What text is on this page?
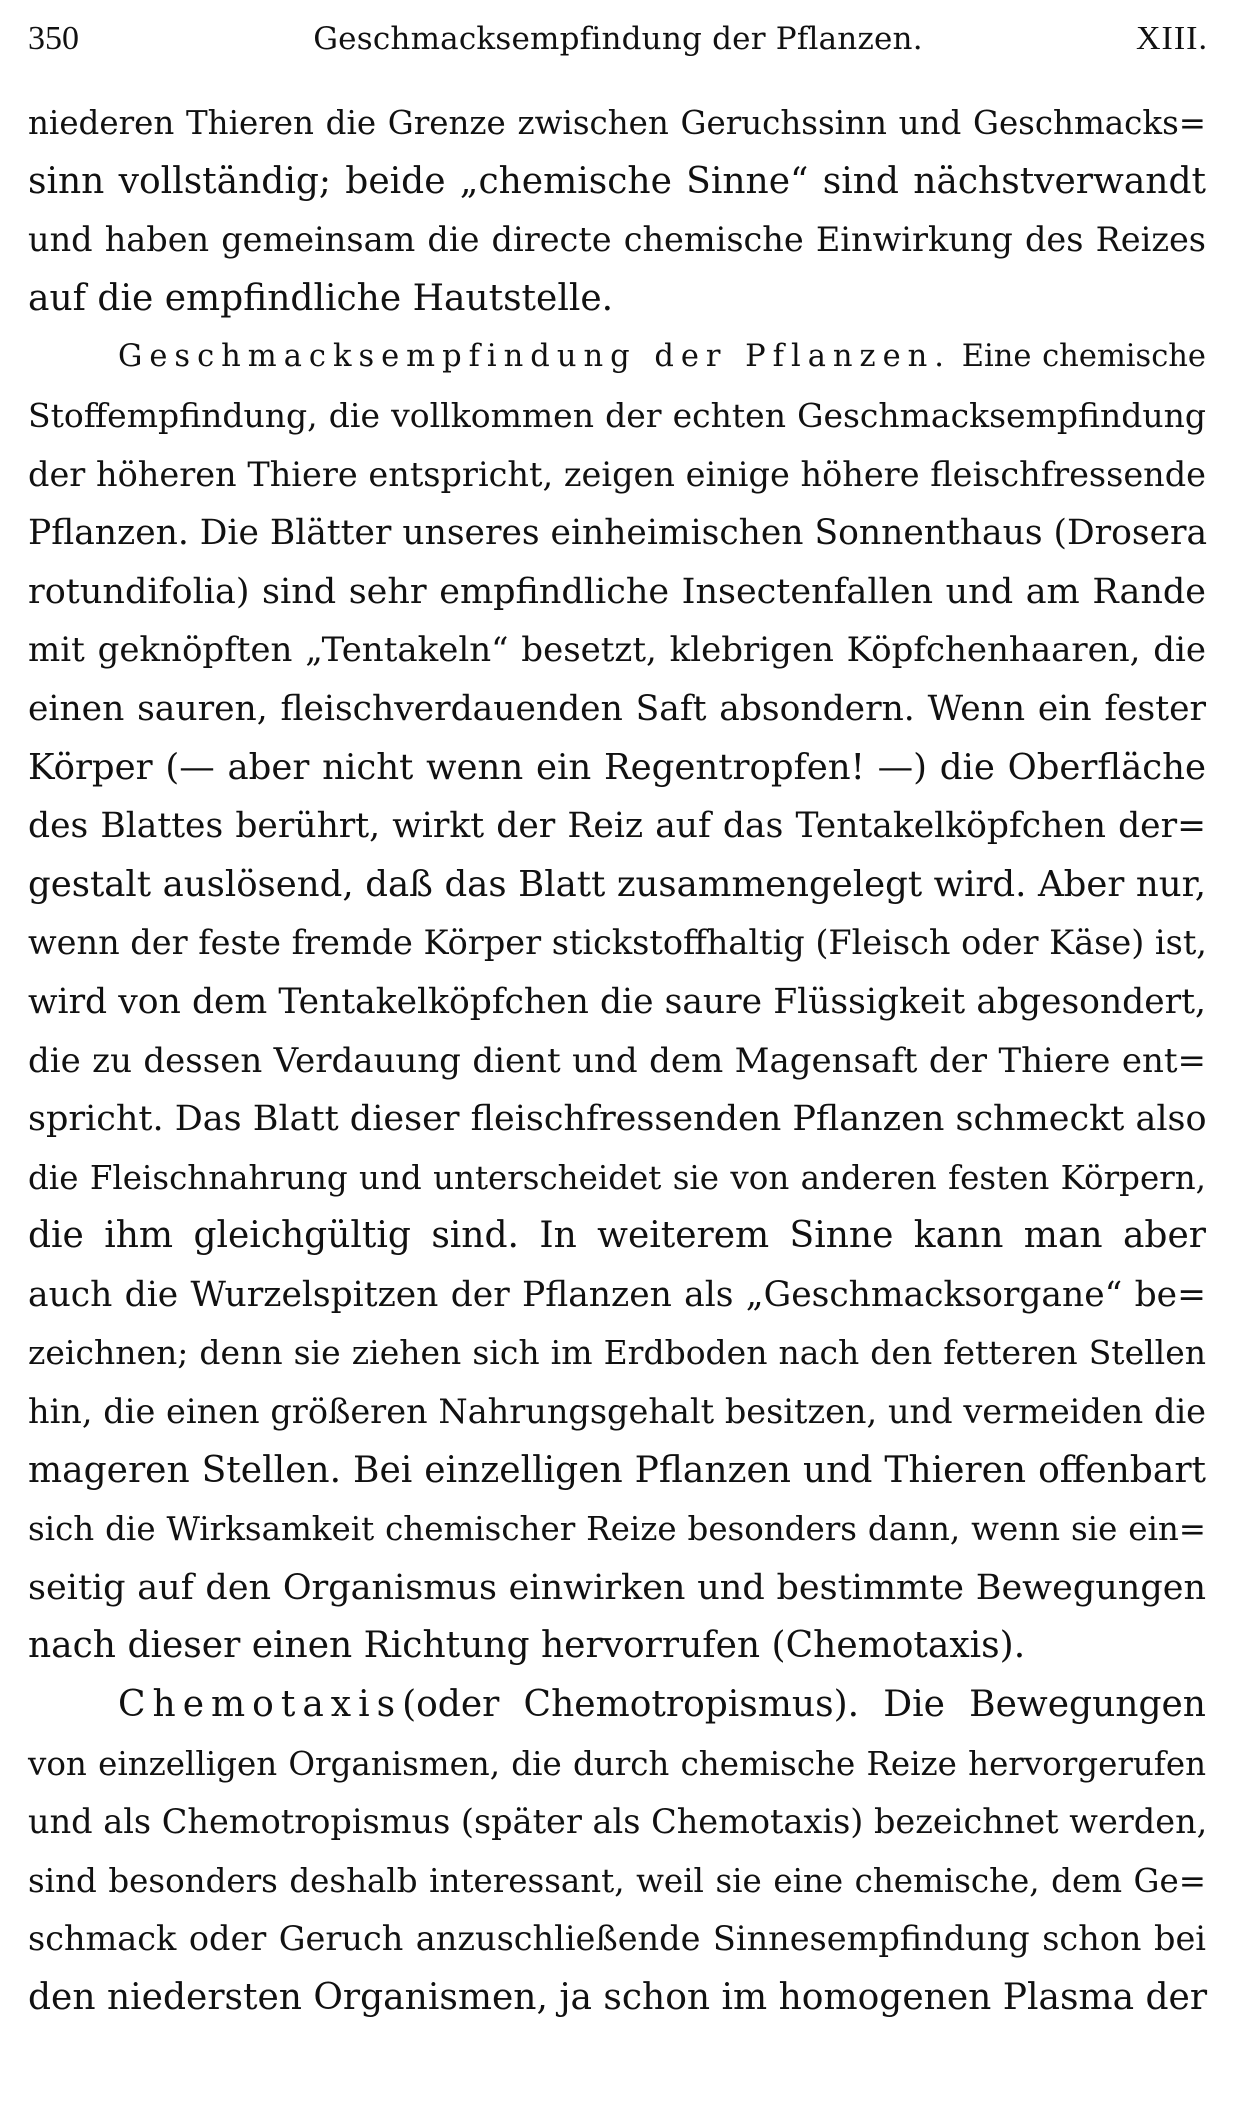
350	Geschmacksempfindung der Pflanzen.	XIII.
niederen Thieren die Grenze zwischen Geruchssinn und Geschmacks=
sinn vollständig; beide „chemische Sinne“ sind nächstverwandt
und haben gemeinsam die directe chemische Einwirkung des Reizes
auf die empfindliche Hautstelle.
Geschmacksempfindung der Pflanzen. Eine chemische
Stoffempfindung, die vollkommen der echten Geschmacksempfindung
der höheren Thiere entspricht, zeigen einige höhere fleischfressende
Pflanzen. Die Blätter unseres einheimischen Sonnenthaus (Drosera
rotundifolia) sind sehr empfindliche Insectenfallen und am Rande
mit geknöpften „Tentakeln“ besetzt, klebrigen Köpfchenhaaren, die
einen sauren, fleischverdauenden Saft absondern. Wenn ein fester
Körper (— aber nicht wenn ein Regentropfen! —) die Oberfläche
des Blattes berührt, wirkt der Reiz auf das Tentakelköpfchen der=
gestalt auslösend, daß das Blatt zusammengelegt wird. Aber nur,
wenn der feste fremde Körper stickstoffhaltig (Fleisch oder Käse) ist,
wird von dem Tentakelköpfchen die saure Flüssigkeit abgesondert,
die zu dessen Verdauung dient und dem Magensaft der Thiere ent=
spricht. Das Blatt dieser fleischfressenden Pflanzen schmeckt also
die Fleischnahrung und unterscheidet sie von anderen festen Körpern,
die ihm gleichgültig sind. In weiterem Sinne kann man aber
auch die Wurzelspitzen der Pflanzen als „Geschmacksorgane“ be=
zeichnen; denn sie ziehen sich im Erdboden nach den fetteren Stellen
hin, die einen größeren Nahrungsgehalt besitzen, und vermeiden die
mageren Stellen. Bei einzelligen Pflanzen und Thieren offenbart
sich die Wirksamkeit chemischer Reize besonders dann, wenn sie ein=
seitig auf den Organismus einwirken und bestimmte Bewegungen
nach dieser einen Richtung hervorrufen (Chemotaxis).
Chemotaxis(oder Chemotropismus). Die Bewegungen
von einzelligen Organismen, die durch chemische Reize hervorgerufen
und als Chemotropismus (später als Chemotaxis) bezeichnet werden,
sind besonders deshalb interessant, weil sie eine chemische, dem Ge=
schmack oder Geruch anzuschließende Sinnesempfindung schon bei
den niedersten Organismen, ja schon im homogenen Plasma der
